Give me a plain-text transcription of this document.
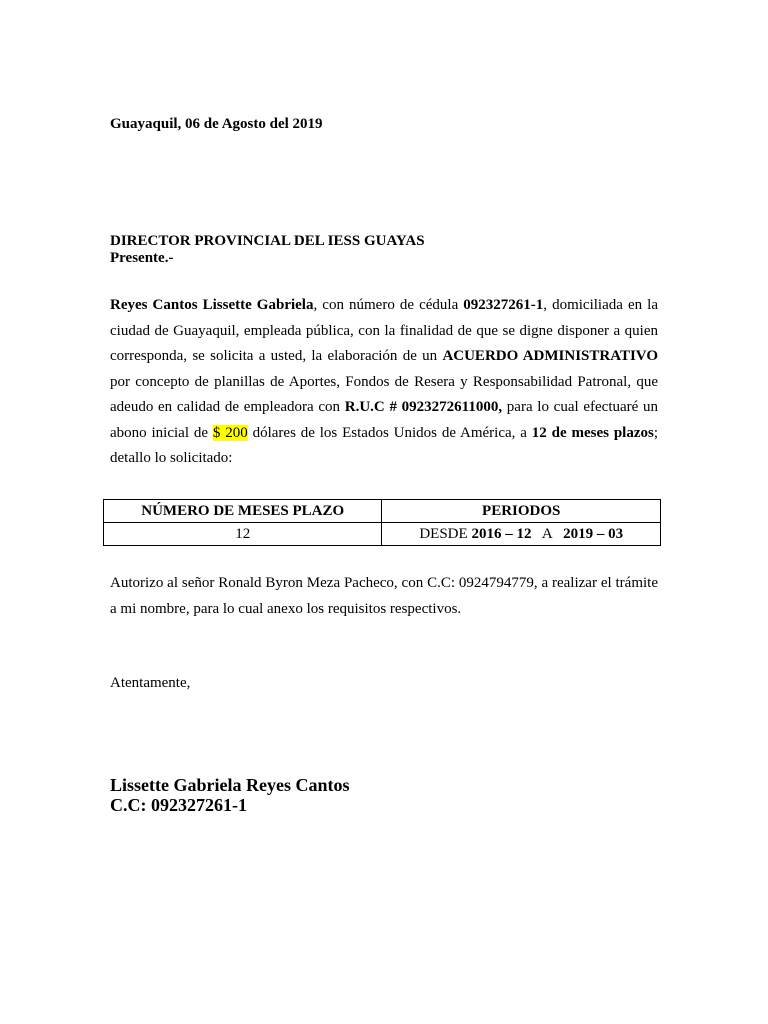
Guayaquil, 06 de Agosto del 2019
DIRECTOR PROVINCIAL DEL IESS GUAYAS
Presente.-
Reyes Cantos Lissette Gabriela, con número de cédula 092327261-1, domiciliada en la ciudad de Guayaquil, empleada pública, con la finalidad de que se digne disponer a quien corresponda, se solicita a usted, la elaboración de un ACUERDO ADMINISTRATIVO por concepto de planillas de Aportes, Fondos de Resera y Responsabilidad Patronal, que adeudo en calidad de empleadora con R.U.C # 0923272611000, para lo cual efectuaré un abono inicial de $ 200 dólares de los Estados Unidos de América, a 12 de meses plazos; detallo lo solicitado:
NÚMERO DE MESES PLAZO	PERIODOS
12	DESDE 2016 – 12   A   2019 – 03
Autorizo al señor Ronald Byron Meza Pacheco, con C.C: 0924794779, a realizar el trámite a mi nombre, para lo cual anexo los requisitos respectivos.
Atentamente,
Lissette Gabriela Reyes Cantos
C.C: 092327261-1
